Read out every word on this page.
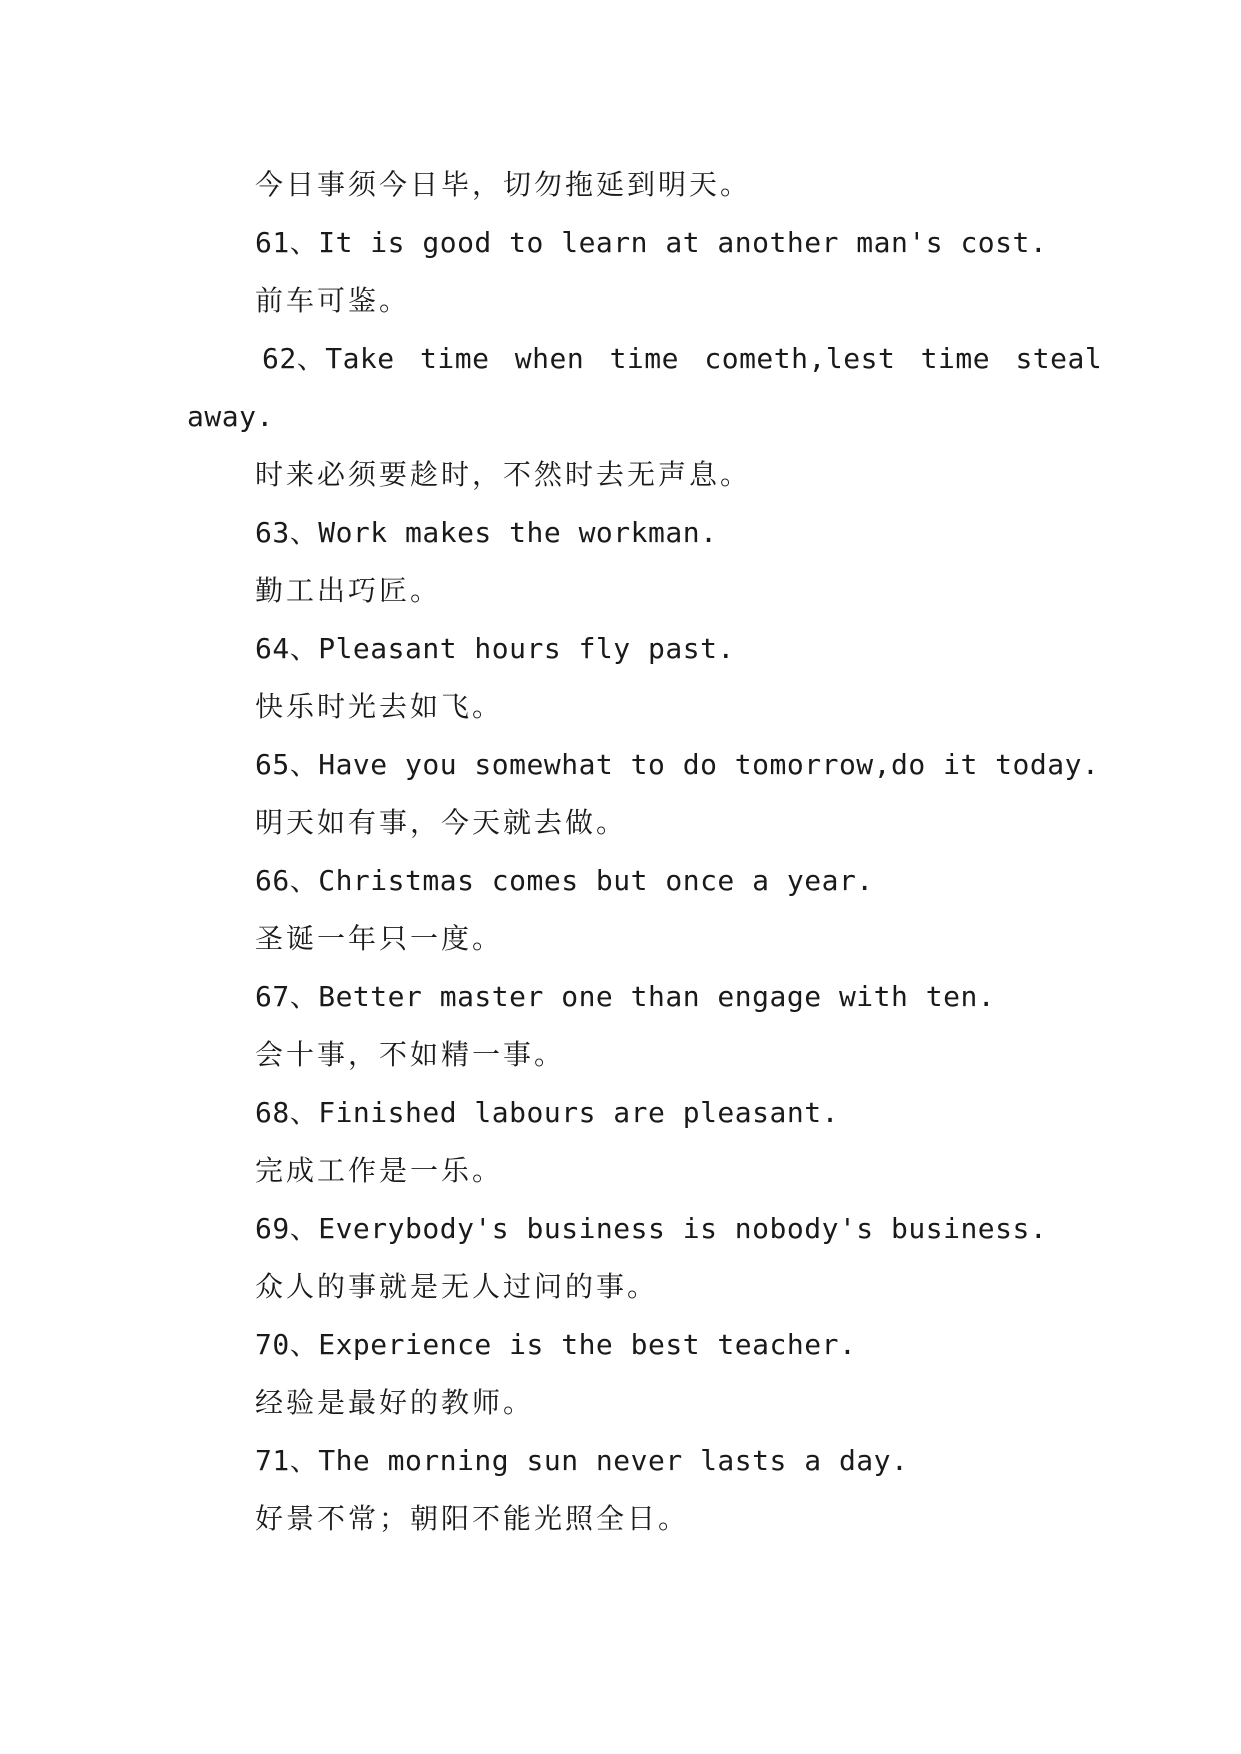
今日事须今日毕，切勿拖延到明天。
61、It is good to learn at another man's cost.
前车可鉴。
62、Take time when time cometh,lest time steal
away.
时来必须要趁时，不然时去无声息。
63、Work makes the workman.
勤工出巧匠。
64、Pleasant hours fly past.
快乐时光去如飞。
65、Have you somewhat to do tomorrow,do it today.
明天如有事，今天就去做。
66、Christmas comes but once a year.
圣诞一年只一度。
67、Better master one than engage with ten.
会十事，不如精一事。
68、Finished labours are pleasant.
完成工作是一乐。
69、Everybody's business is nobody's business.
众人的事就是无人过问的事。
70、Experience is the best teacher.
经验是最好的教师。
71、The morning sun never lasts a day.
好景不常；朝阳不能光照全日。
